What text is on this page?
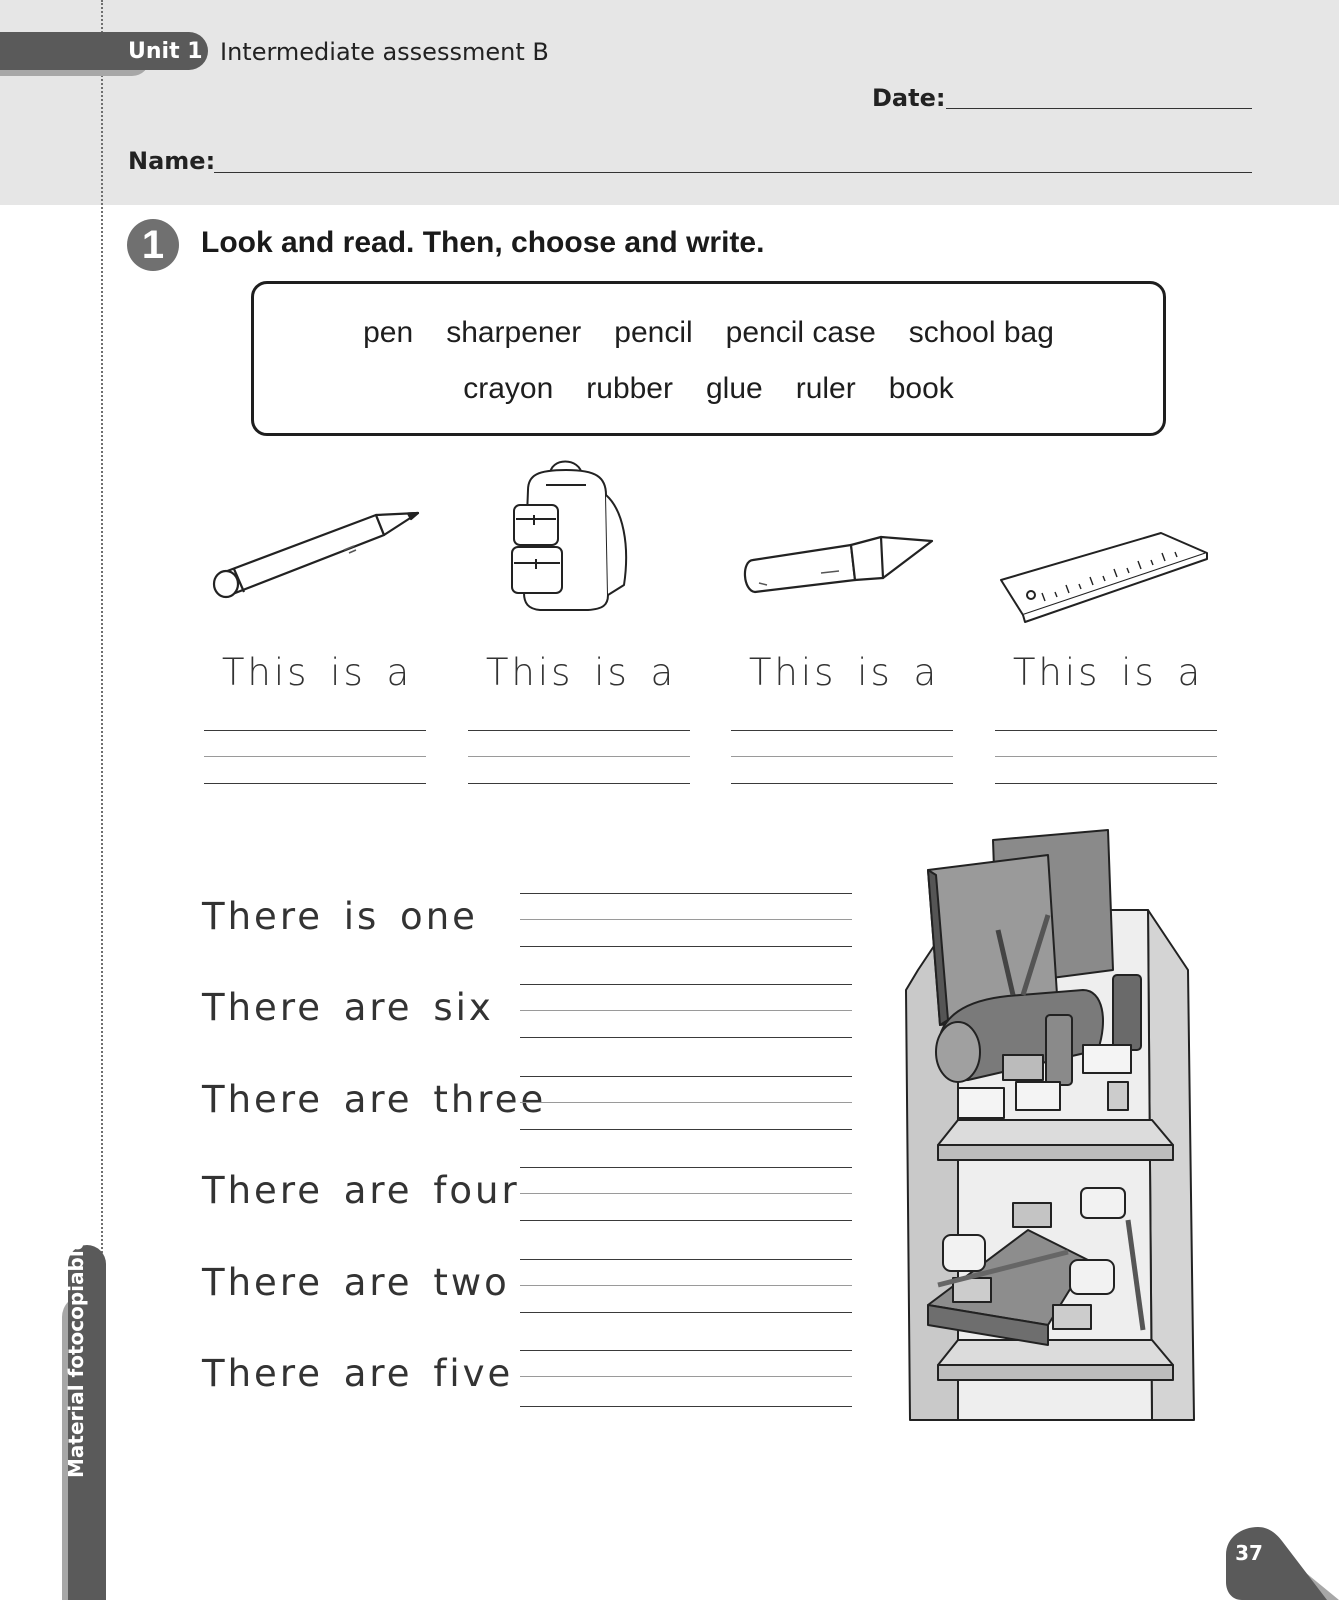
Unit 1 Intermediate assessment B
Date:
Name:
1	Look and read. Then, choose and write.
pen sharpener pencil pencil case school bag
crayon rubber glue ruler book
This is a	This is a	This is a	This is a
There is one
There are six
There are three
There are four
There are two
There are five
Material fotocopiable
37
